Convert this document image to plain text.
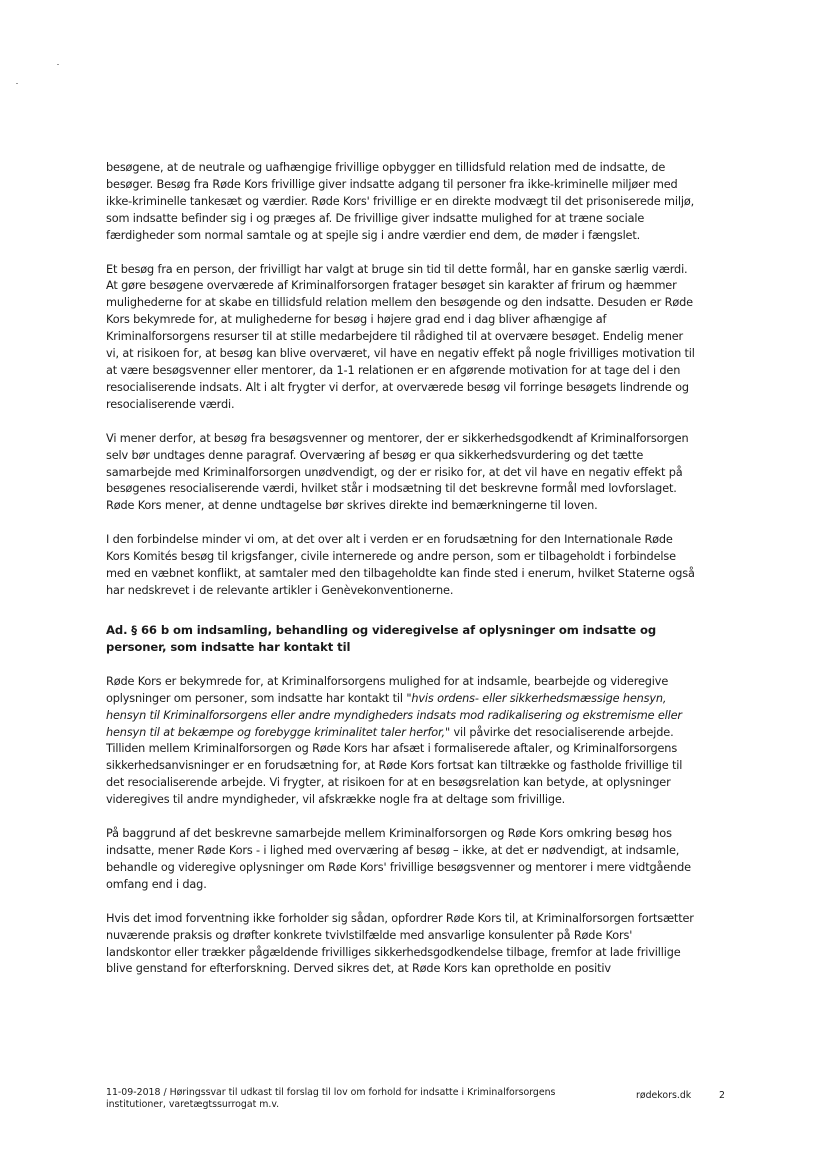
besøgene, at de neutrale og uafhængige frivillige opbygger en tillidsfuld relation med de indsatte, de besøger. Besøg fra Røde Kors frivillige giver indsatte adgang til personer fra ikke-kriminelle miljøer med ikke-kriminelle tankesæt og værdier. Røde Kors' frivillige er en direkte modvægt til det prisoniserede miljø, som indsatte befinder sig i og præges af. De frivillige giver indsatte mulighed for at træne sociale færdigheder som normal samtale og at spejle sig i andre værdier end dem, de møder i fængslet.

Et besøg fra en person, der frivilligt har valgt at bruge sin tid til dette formål, har en ganske særlig værdi. At gøre besøgene overværede af Kriminalforsorgen fratager besøget sin karakter af frirum og hæmmer mulighederne for at skabe en tillidsfuld relation mellem den besøgende og den indsatte. Desuden er Røde Kors bekymrede for, at mulighederne for besøg i højere grad end i dag bliver afhængige af Kriminalforsorgens resurser til at stille medarbejdere til rådighed til at overvære besøget. Endelig mener vi, at risikoen for, at besøg kan blive overværet, vil have en negativ effekt på nogle frivilliges motivation til at være besøgsvenner eller mentorer, da 1-1 relationen er en afgørende motivation for at tage del i den resocialiserende indsats. Alt i alt frygter vi derfor, at overværede besøg vil forringe besøgets lindrende og resocialiserende værdi.

Vi mener derfor, at besøg fra besøgsvenner og mentorer, der er sikkerhedsgodkendt af Kriminalforsorgen selv bør undtages denne paragraf. Overværing af besøg er qua sikkerhedsvurdering og det tætte samarbejde med Kriminalforsorgen unødvendigt, og der er risiko for, at det vil have en negativ effekt på besøgenes resocialiserende værdi, hvilket står i modsætning til det beskrevne formål med lovforslaget. Røde Kors mener, at denne undtagelse bør skrives direkte ind bemærkningerne til loven.

I den forbindelse minder vi om, at det over alt i verden er en forudsætning for den Internationale Røde Kors Komités besøg til krigsfanger, civile internerede og andre person, som er tilbageholdt i forbindelse med en væbnet konflikt, at samtaler med den tilbageholdte kan finde sted i enerum, hvilket Staterne også har nedskrevet i de relevante artikler i Genèvekonventionerne.

Ad. § 66 b om indsamling, behandling og videregivelse af oplysninger om indsatte og personer, som indsatte har kontakt til

Røde Kors er bekymrede for, at Kriminalforsorgens mulighed for at indsamle, bearbejde og videregive oplysninger om personer, som indsatte har kontakt til "hvis ordens- eller sikkerhedsmæssige hensyn, hensyn til Kriminalforsorgens eller andre myndigheders indsats mod radikalisering og ekstremisme eller hensyn til at bekæmpe og forebygge kriminalitet taler herfor," vil påvirke det resocialiserende arbejde. Tilliden mellem Kriminalforsorgen og Røde Kors har afsæt i formaliserede aftaler, og Kriminalforsorgens sikkerhedsanvisninger er en forudsætning for, at Røde Kors fortsat kan tiltrække og fastholde frivillige til det resocialiserende arbejde. Vi frygter, at risikoen for at en besøgsrelation kan betyde, at oplysninger videregives til andre myndigheder, vil afskrække nogle fra at deltage som frivillige.

På baggrund af det beskrevne samarbejde mellem Kriminalforsorgen og Røde Kors omkring besøg hos indsatte, mener Røde Kors - i lighed med overværing af besøg – ikke, at det er nødvendigt, at indsamle, behandle og videregive oplysninger om Røde Kors' frivillige besøgsvenner og mentorer i mere vidtgående omfang end i dag.

Hvis det imod forventning ikke forholder sig sådan, opfordrer Røde Kors til, at Kriminalforsorgen fortsætter nuværende praksis og drøfter konkrete tvivlstilfælde med ansvarlige konsulenter på Røde Kors' landskontor eller trækker pågældende frivilliges sikkerhedsgodkendelse tilbage, fremfor at lade frivillige blive genstand for efterforskning. Derved sikres det, at Røde Kors kan opretholde en positiv

11-09-2018 / Høringssvar til udkast til forslag til lov om forhold for indsatte i Kriminalforsorgens institutioner, varetægtssurrogat m.v.
rødekors.dk	2
